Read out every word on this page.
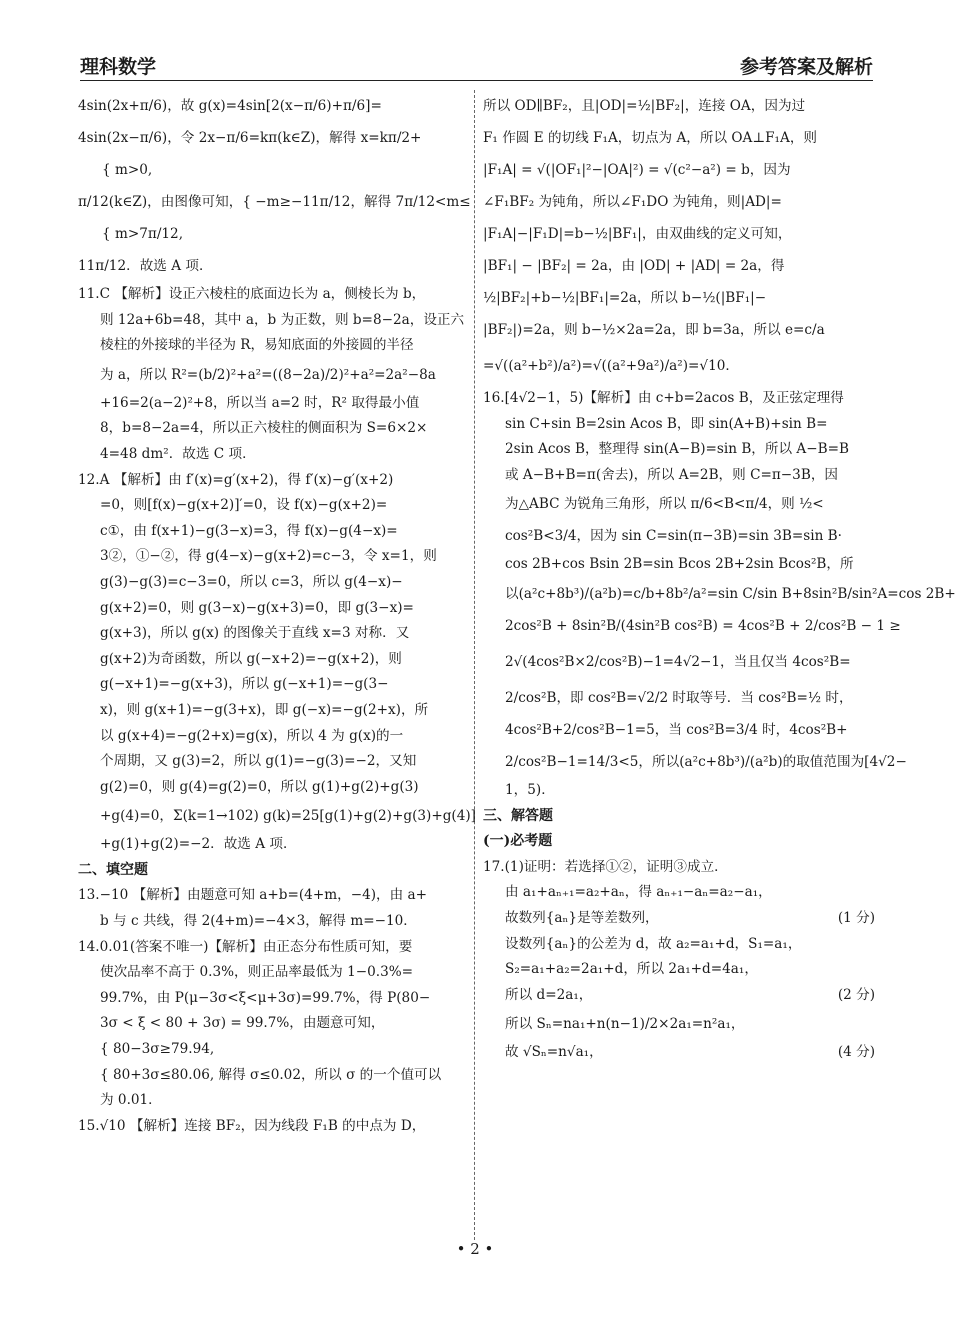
理科数学	参考答案及解析
4sin(2x+π/6)，故 g(x)=4sin[2(x−π/6)+π/6]=
4sin(2x−π/6)，令 2x−π/6=kπ(k∈Z)，解得 x=kπ/2+
{ m>0,
π/12(k∈Z)，由图像可知，{ −m≥−11π/12，解得 7π/12<m≤
{ m>7π/12,
11π/12．故选 A 项．
11.C 【解析】设正六棱柱的底面边长为 a，侧棱长为 b，
则 12a+6b=48，其中 a，b 为正数，则 b=8−2a，设正六
棱柱的外接球的半径为 R，易知底面的外接圆的半径
为 a，所以 R²=(b/2)²+a²=((8−2a)/2)²+a²=2a²−8a
+16=2(a−2)²+8，所以当 a=2 时，R² 取得最小值
8，b=8−2a=4，所以正六棱柱的侧面积为 S=6×2×
4=48 dm²．故选 C 项．
12.A 【解析】由 f′(x)=g′(x+2)，得 f′(x)−g′(x+2)
=0，则[f(x)−g(x+2)]′=0，设 f(x)−g(x+2)=
c①，由 f(x+1)−g(3−x)=3，得 f(x)−g(4−x)=
3②，①−②，得 g(4−x)−g(x+2)=c−3，令 x=1，则
g(3)−g(3)=c−3=0，所以 c=3，所以 g(4−x)−
g(x+2)=0，则 g(3−x)−g(x+3)=0，即 g(3−x)=
g(x+3)，所以 g(x) 的图像关于直线 x=3 对称．又
g(x+2)为奇函数，所以 g(−x+2)=−g(x+2)，则
g(−x+1)=−g(x+3)，所以 g(−x+1)=−g(3−
x)，则 g(x+1)=−g(3+x)，即 g(−x)=−g(2+x)，所
以 g(x+4)=−g(2+x)=g(x)，所以 4 为 g(x)的一
个周期，又 g(3)=2，所以 g(1)=−g(3)=−2，又知
g(2)=0，则 g(4)=g(2)=0，所以 g(1)+g(2)+g(3)
+g(4)=0，Σ(k=1→102) g(k)=25[g(1)+g(2)+g(3)+g(4)]
+g(1)+g(2)=−2．故选 A 项．
二、填空题
13.−10 【解析】由题意可知 a+b=(4+m，−4)，由 a+
b 与 c 共线，得 2(4+m)=−4×3，解得 m=−10．
14.0.01(答案不唯一)【解析】由正态分布性质可知，要
使次品率不高于 0.3%，则正品率最低为 1−0.3%=
99.7%，由 P(μ−3σ<ξ<μ+3σ)=99.7%，得 P(80−
3σ < ξ < 80 + 3σ) = 99.7%，由题意可知，
{ 80−3σ≥79.94,
{ 80+3σ≤80.06, 解得 σ≤0.02，所以 σ 的一个值可以
为 0.01．
15.√10 【解析】连接 BF₂，因为线段 F₁B 的中点为 D，
所以 OD∥BF₂，且|OD|=½|BF₂|，连接 OA，因为过
F₁ 作圆 E 的切线 F₁A，切点为 A，所以 OA⊥F₁A，则
|F₁A| = √(|OF₁|²−|OA|²) = √(c²−a²) = b，因为
∠F₁BF₂ 为钝角，所以∠F₁DO 为钝角，则|AD|=
|F₁A|−|F₁D|=b−½|BF₁|，由双曲线的定义可知，
|BF₁| − |BF₂| = 2a，由 |OD| + |AD| = 2a，得
½|BF₂|+b−½|BF₁|=2a，所以 b−½(|BF₁|−
|BF₂|)=2a，则 b−½×2a=2a，即 b=3a，所以 e=c/a
=√((a²+b²)/a²)=√((a²+9a²)/a²)=√10．
16.[4√2−1，5)【解析】由 c+b=2acos B，及正弦定理得
sin C+sin B=2sin Acos B，即 sin(A+B)+sin B=
2sin Acos B，整理得 sin(A−B)=sin B，所以 A−B=B
或 A−B+B=π(舍去)，所以 A=2B，则 C=π−3B，因
为△ABC 为锐角三角形，所以 π/6<B<π/4，则 ½<
cos²B<3/4，因为 sin C=sin(π−3B)=sin 3B=sin B·
cos 2B+cos Bsin 2B=sin Bcos 2B+2sin Bcos²B，所
以(a²c+8b³)/(a²b)=c/b+8b²/a²=sin C/sin B+8sin²B/sin²A=cos 2B+
2cos²B + 8sin²B/(4sin²B cos²B) = 4cos²B + 2/cos²B − 1 ≥
2√(4cos²B×2/cos²B)−1=4√2−1，当且仅当 4cos²B=
2/cos²B，即 cos²B=√2/2 时取等号．当 cos²B=½ 时，
4cos²B+2/cos²B−1=5，当 cos²B=3/4 时，4cos²B+
2/cos²B−1=14/3<5，所以(a²c+8b³)/(a²b)的取值范围为[4√2−
1，5)．
三、解答题
(一)必考题
17.(1)证明：若选择①②，证明③成立．
由 a₁+aₙ₊₁=a₂+aₙ，得 aₙ₊₁−aₙ=a₂−a₁，
故数列{aₙ}是等差数列，	(1 分)
设数列{aₙ}的公差为 d，故 a₂=a₁+d，S₁=a₁，
S₂=a₁+a₂=2a₁+d，所以 2a₁+d=4a₁，
所以 d=2a₁，	(2 分)
所以 Sₙ=na₁+n(n−1)/2×2a₁=n²a₁，
故 √Sₙ=n√a₁，	(4 分)
• 2 •
